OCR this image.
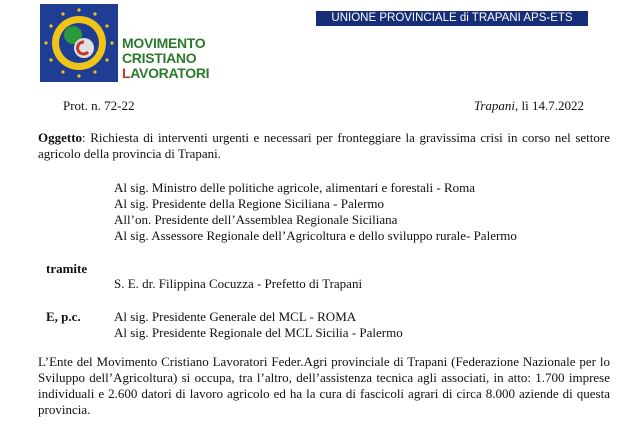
MOVIMENTO
CRISTIANO
LAVORATORI
UNIONE PROVINCIALE di TRAPANI APS-ETS
Prot. n. 72-22	Trapani, lì 14.7.2022
Oggetto: Richiesta di interventi urgenti e necessari per fronteggiare la gravissima crisi in corso nel settore agricolo della provincia di Trapani.
Al sig. Ministro delle politiche agricole, alimentari e forestali - Roma
Al sig. Presidente della Regione Siciliana - Palermo
All’on. Presidente dell’Assemblea Regionale Siciliana
Al sig. Assessore Regionale dell’Agricoltura e dello sviluppo rurale- Palermo
tramite
S. E. dr. Filippina Cocuzza - Prefetto di Trapani
E, p.c.	Al sig. Presidente Generale del MCL - ROMA
Al sig. Presidente Regionale del MCL Sicilia - Palermo
L’Ente del Movimento Cristiano Lavoratori Feder.Agri provinciale di Trapani (Federazione Nazionale per lo Sviluppo dell’Agricoltura) si occupa, tra l’altro, dell’assistenza tecnica agli associati, in atto: 1.700 imprese individuali e 2.600 datori di lavoro agricolo ed ha la cura di fascicoli agrari di circa 8.000 aziende di questa provincia.
